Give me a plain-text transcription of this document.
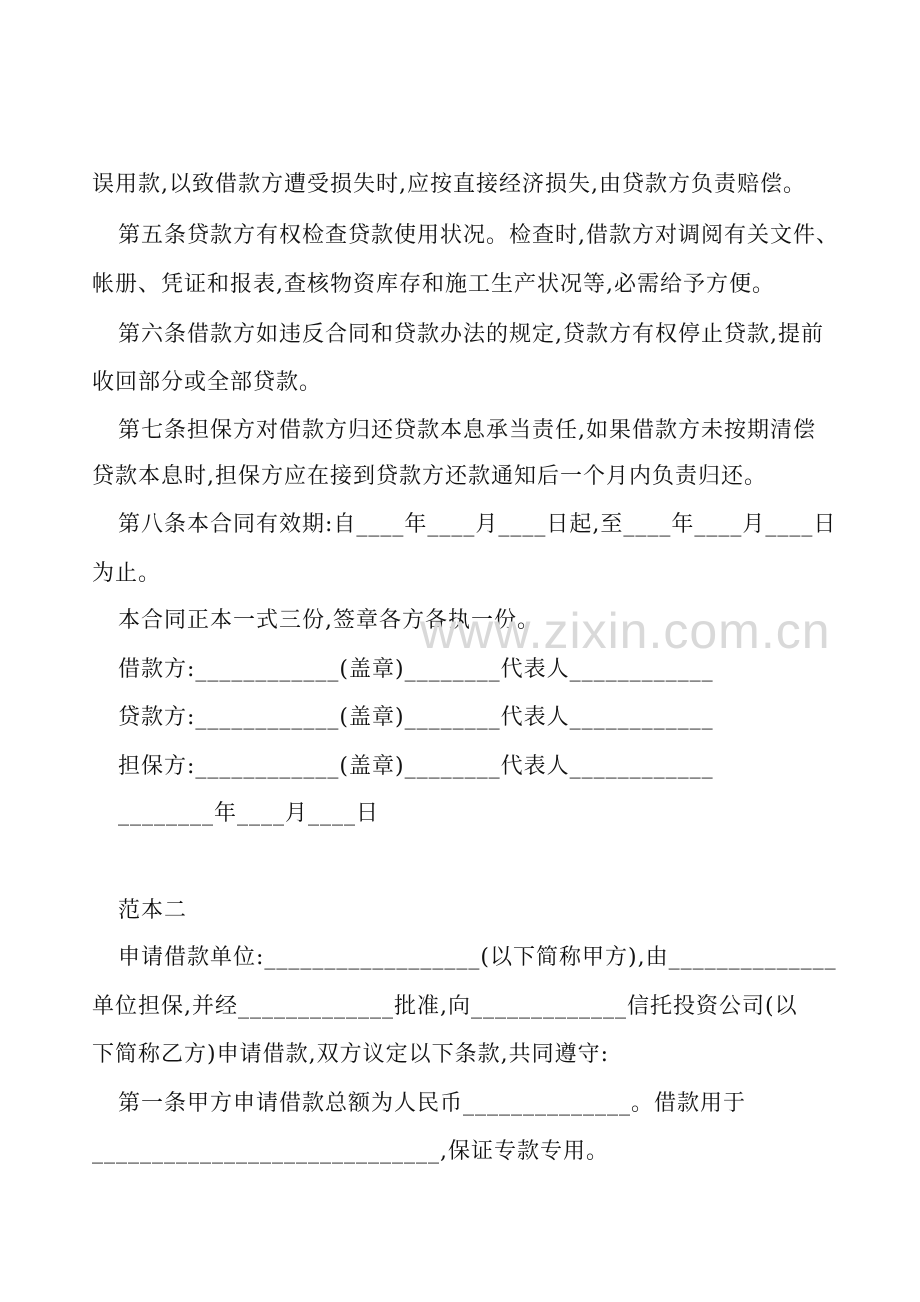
误用款,以致借款方遭受损失时,应按直接经济损失,由贷款方负责赔偿。
第五条贷款方有权检查贷款使用状况。检查时,借款方对调阅有关文件、
帐册、凭证和报表,查核物资库存和施工生产状况等,必需给予方便。
第六条借款方如违反合同和贷款办法的规定,贷款方有权停止贷款,提前
收回部分或全部贷款。
第七条担保方对借款方归还贷款本息承当责任,如果借款方未按期清偿
贷款本息时,担保方应在接到贷款方还款通知后一个月内负责归还。
第八条本合同有效期:自____年____月____日起,至____年____月____日
为止。
本合同正本一式三份,签章各方各执一份。
借款方:____________(盖章)________代表人____________
贷款方:____________(盖章)________代表人____________
担保方:____________(盖章)________代表人____________
________年____月____日
范本二
申请借款单位:__________________(以下简称甲方),由______________
单位担保,并经_____________批准,向_____________信托投资公司(以
下简称乙方)申请借款,双方议定以下条款,共同遵守:
第一条甲方申请借款总额为人民币______________。借款用于
_____________________________,保证专款专用。
www.zixin.com.cn
